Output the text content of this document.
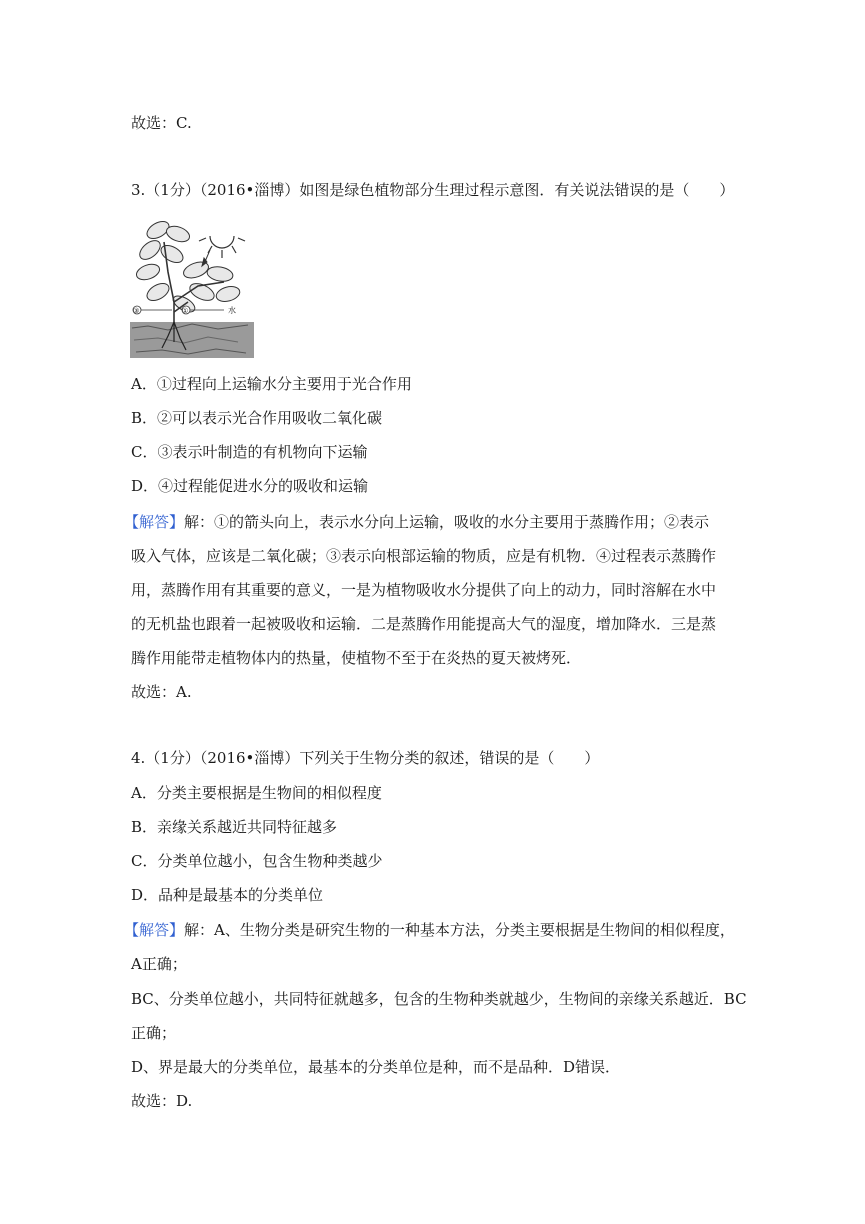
故选：C.
3.（1分）（2016•淄博）如图是绿色植物部分生理过程示意图．有关说法错误的是（　　）
③	①	水
A．①过程向上运输水分主要用于光合作用
B．②可以表示光合作用吸收二氧化碳
C．③表示叶制造的有机物向下运输
D．④过程能促进水分的吸收和运输
【解答】解：①的箭头向上，表示水分向上运输，吸收的水分主要用于蒸腾作用；②表示
吸入气体，应该是二氧化碳；③表示向根部运输的物质，应是有机物．④过程表示蒸腾作
用，蒸腾作用有其重要的意义，一是为植物吸收水分提供了向上的动力，同时溶解在水中
的无机盐也跟着一起被吸收和运输．二是蒸腾作用能提高大气的湿度，增加降水．三是蒸
腾作用能带走植物体内的热量，使植物不至于在炎热的夏天被烤死．
故选：A.
4.（1分）（2016•淄博）下列关于生物分类的叙述，错误的是（　　）
A．分类主要根据是生物间的相似程度
B．亲缘关系越近共同特征越多
C．分类单位越小，包含生物种类越少
D．品种是最基本的分类单位
【解答】解：A、生物分类是研究生物的一种基本方法，分类主要根据是生物间的相似程度，
A正确；
BC、分类单位越小，共同特征就越多，包含的生物种类就越少，生物间的亲缘关系越近．BC
正确；
D、界是最大的分类单位，最基本的分类单位是种，而不是品种．D错误．
故选：D.
